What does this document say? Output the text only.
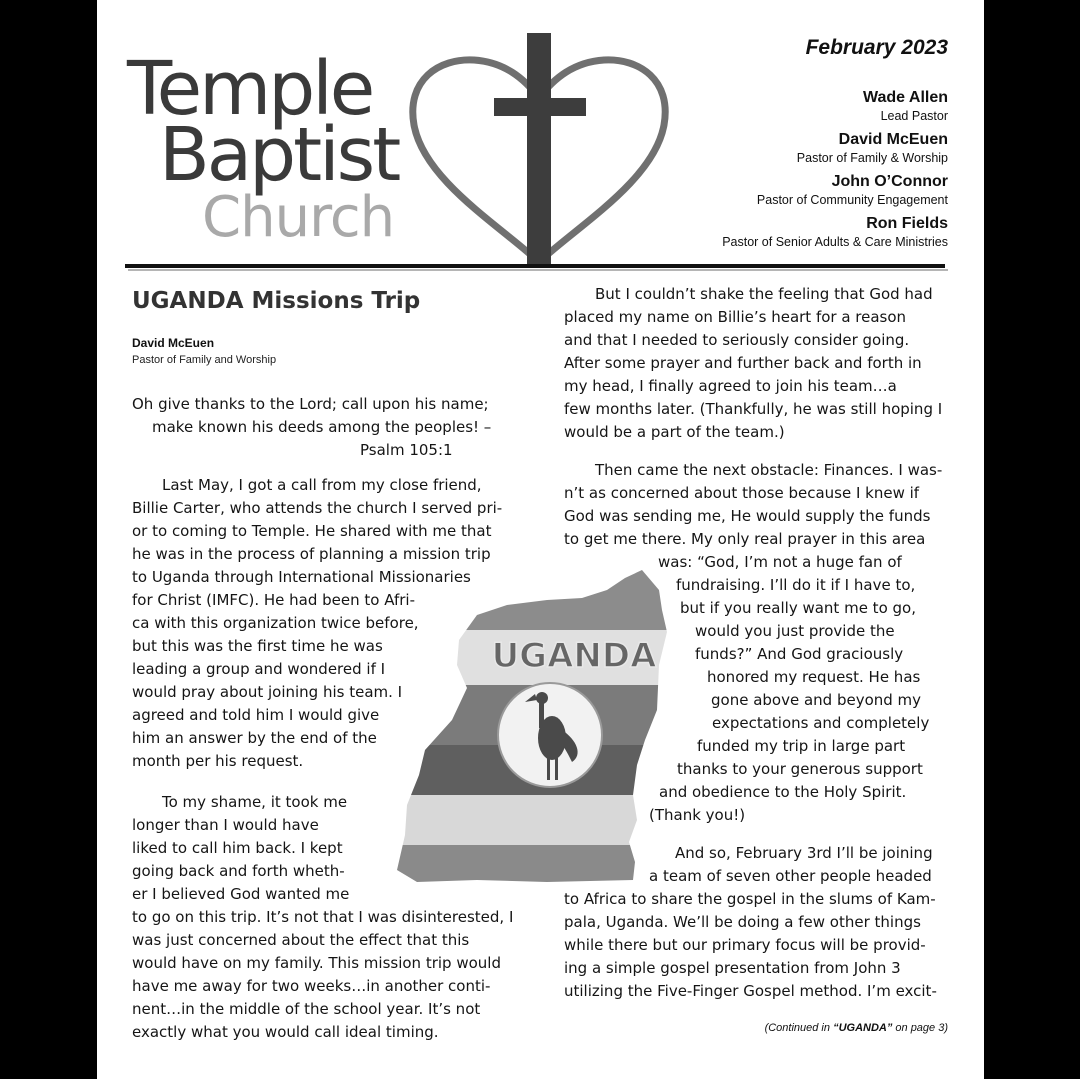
Temple
Baptist
Church
February 2023
Wade Allen
Lead Pastor
David McEuen
Pastor of Family & Worship
John O’Connor
Pastor of Community Engagement
Ron Fields
Pastor of Senior Adults & Care Ministries
UGANDA Missions Trip
David McEuen
Pastor of Family and Worship
UGANDA
Oh give thanks to the Lord; call upon his name;
make known his deeds among the peoples! –
Psalm 105:1
Last May, I got a call from my close friend,
Billie Carter, who attends the church I served pri-
or to coming to Temple. He shared with me that
he was in the process of planning a mission trip
to Uganda through International Missionaries
for Christ (IMFC). He had been to Afri-
ca with this organization twice before,
but this was the first time he was
leading a group and wondered if I
would pray about joining his team. I
agreed and told him I would give
him an answer by the end of the
month per his request.
To my shame, it took me
longer than I would have
liked to call him back. I kept
going back and forth wheth-
er I believed God wanted me
to go on this trip. It’s not that I was disinterested, I
was just concerned about the effect that this
would have on my family. This mission trip would
have me away for two weeks…in another conti-
nent…in the middle of the school year. It’s not
exactly what you would call ideal timing.
But I couldn’t shake the feeling that God had
placed my name on Billie’s heart for a reason
and that I needed to seriously consider going.
After some prayer and further back and forth in
my head, I finally agreed to join his team…a
few months later. (Thankfully, he was still hoping I
would be a part of the team.)
Then came the next obstacle: Finances. I was-
n’t as concerned about those because I knew if
God was sending me, He would supply the funds
to get me there. My only real prayer in this area
was: “God, I’m not a huge fan of
fundraising. I’ll do it if I have to,
but if you really want me to go,
would you just provide the
funds?” And God graciously
honored my request. He has
gone above and beyond my
expectations and completely
funded my trip in large part
thanks to your generous support
and obedience to the Holy Spirit.
(Thank you!)
And so, February 3rd I’ll be joining
a team of seven other people headed
to Africa to share the gospel in the slums of Kam-
pala, Uganda. We’ll be doing a few other things
while there but our primary focus will be provid-
ing a simple gospel presentation from John 3
utilizing the Five-Finger Gospel method. I’m excit-
(Continued in “UGANDA” on page 3)
